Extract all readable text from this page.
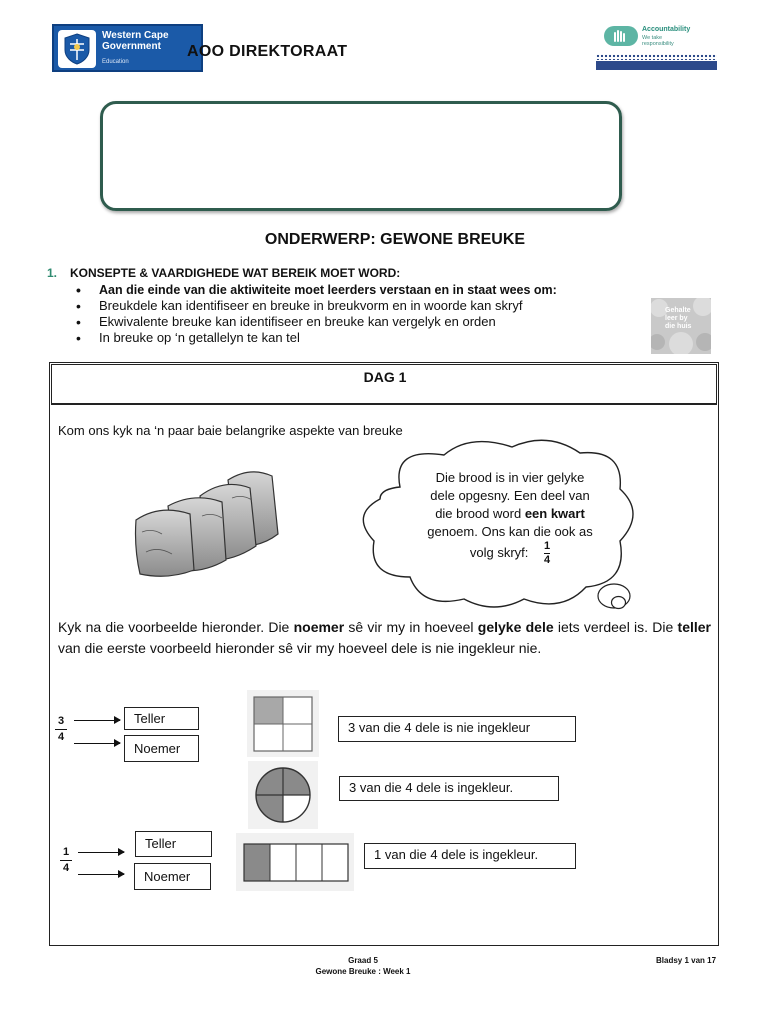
Western Cape
Government
Education
AOO DIREKTORAAT
Accountability
We take
responsibility
ONDERWERP: GEWONE BREUKE
1. KONSEPTE & VAARDIGHEDE WAT BEREIK MOET WORD:
• Aan die einde van die aktiwiteite moet leerders verstaan en in staat wees om:
• Breukdele kan identifiseer en breuke in breukvorm en in woorde kan skryf
• Ekwivalente breuke kan identifiseer en breuke kan vergelyk en orden
• In breuke op ‘n getallelyn te kan tel
Gehalte
leer by
die huis
DAG 1
Kom ons kyk na ‘n paar baie belangrike aspekte van breuke
Die brood is in vier gelyke
dele opgesny. Een deel van
die brood word een kwart
genoem. Ons kan die ook as
volg skryf: $\frac{1}{4}$
Kyk na die voorbeelde hieronder. Die noemer sê vir my in hoeveel gelyke dele iets verdeel is. Die teller van die eerste voorbeeld hieronder sê vir my hoeveel dele is nie ingekleur nie.
3
4
Teller
Noemer
3 van die 4 dele is nie ingekleur
3 van die 4 dele is ingekleur.
1
4
Teller
Noemer
1 van die 4 dele is ingekleur.
Graad 5
Gewone Breuke : Week 1
Bladsy 1 van 17
